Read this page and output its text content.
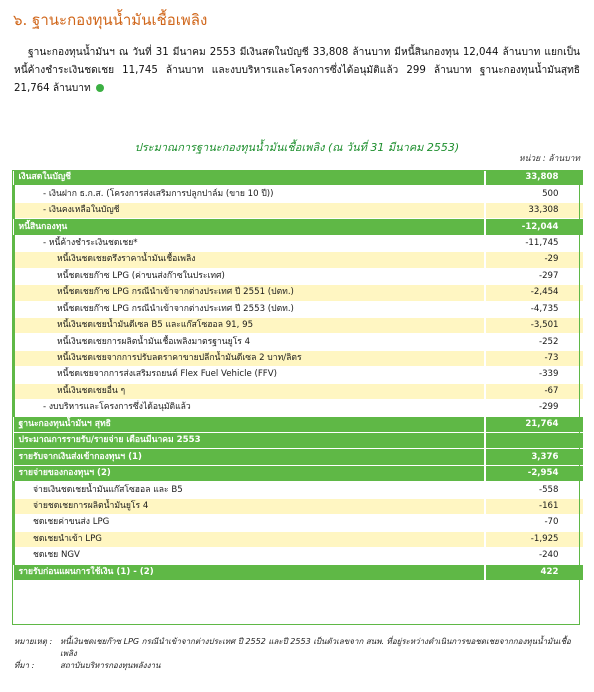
๖. ฐานะกองทุนน้ำมันเชื้อเพลิง
ฐานะกองทุนน้ำมันฯ ณ วันที่ 31 มีนาคม 2553 มีเงินสดในบัญชี 33,808 ล้านบาท มีหนี้สินกองทุน 12,044 ล้านบาท แยกเป็นหนี้ค้างชำระเงินชดเชย 11,745 ล้านบาท และงบบริหารและโครงการซึ่งได้อนุมัติแล้ว 299 ล้านบาท ฐานะกองทุนน้ำมันสุทธิ 21,764 ล้านบาท
ประมาณการฐานะกองทุนน้ำมันเชื้อเพลิง (ณ วันที่ 31 มีนาคม 2553)
หน่วย : ล้านบาท
เงินสดในบัญชี	33,808
- เงินฝาก ธ.ก.ส. (โครงการส่งเสริมการปลูกปาล์ม (ขาย 10 ปี))	500
- เงินคงเหลือในบัญชี	33,308
หนี้สินกองทุน	-12,044
- หนี้ค้างชำระเงินชดเชย*	-11,745
หนี้เงินชดเชยตรึงราคาน้ำมันเชื้อเพลิง	-29
หนี้ชดเชยก๊าซ LPG (ค่าขนส่งก๊าซในประเทศ)	-297
หนี้ชดเชยก๊าซ LPG กรณีนำเข้าจากต่างประเทศ ปี 2551 (ปตท.)	-2,454
หนี้ชดเชยก๊าซ LPG กรณีนำเข้าจากต่างประเทศ ปี 2553 (ปตท.)	-4,735
หนี้เงินชดเชยน้ำมันดีเซล B5 และแก๊สโซฮอล 91, 95	-3,501
หนี้เงินชดเชยการผลิตน้ำมันเชื้อเพลิงมาตรฐานยูโร 4	-252
หนี้เงินชดเชยจากการปรับลดราคาขายปลีกน้ำมันดีเซล 2 บาท/ลิตร	-73
หนี้ชดเชยจากการส่งเสริมรถยนต์ Flex Fuel Vehicle (FFV)	-339
หนี้เงินชดเชยอื่น ๆ	-67
- งบบริหารและโครงการซึ่งได้อนุมัติแล้ว	-299
ฐานะกองทุนน้ำมันฯ สุทธิ	21,764
ประมาณการรายรับ/รายจ่าย เดือนมีนาคม 2553	
รายรับจากเงินส่งเข้ากองทุนฯ (1)	3,376
รายจ่ายของกองทุนฯ (2)	-2,954
จ่ายเงินชดเชยน้ำมันแก๊สโซฮอล และ B5	-558
จ่ายชดเชยการผลิตน้ำมันยูโร 4	-161
ชดเชยค่าขนส่ง LPG	-70
ชดเชยนำเข้า LPG	-1,925
ชดเชย NGV	-240
รายรับก่อนแผนการใช้เงิน (1) - (2)	422
หมายเหตุ : หนี้เงินชดเชยก๊าซ LPG กรณีนำเข้าจากต่างประเทศ ปี 2552 และปี 2553 เป็นตัวเลขจาก สนพ. ที่อยู่ระหว่างดำเนินการขอชดเชยจากกองทุนน้ำมันเชื้อเพลิง
ที่มา :	สถาบันบริหารกองทุนพลังงาน
